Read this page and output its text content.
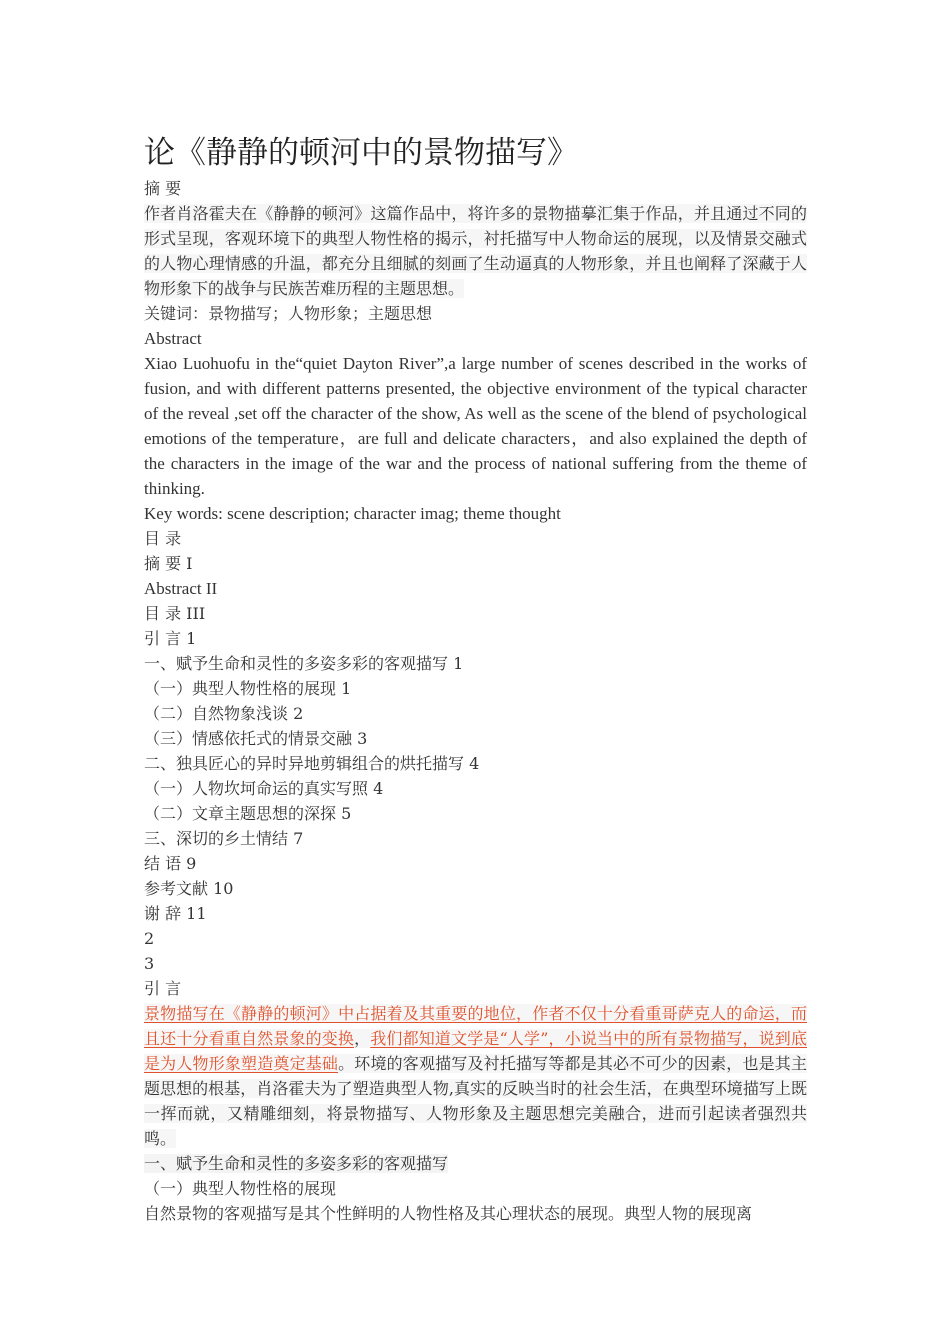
论《静静的顿河中的景物描写》

摘 要

作者肖洛霍夫在《静静的顿河》这篇作品中，将许多的景物描摹汇集于作品，并且通过不同的形式呈现，客观环境下的典型人物性格的揭示，衬托描写中人物命运的展现，以及情景交融式的人物心理情感的升温，都充分且细腻的刻画了生动逼真的人物形象，并且也阐释了深藏于人物形象下的战争与民族苦难历程的主题思想。

关键词：景物描写；人物形象；主题思想

Abstract

Xiao Luohuofu in the“quiet Dayton River”,a large number of scenes described in the works of fusion, and with different patterns presented, the objective environment of the typical character of the reveal ,set off the character of the show, As well as the scene of the blend of psychological emotions of the temperature，are full and delicate characters，and also explained the depth of the characters in the image of the war and the process of national suffering from the theme of thinking.

Key words: scene description; character imag; theme thought

目 录

摘 要 I

Abstract II

目 录 III

引 言 1

一、赋予生命和灵性的多姿多彩的客观描写 1

（一）典型人物性格的展现 1

（二）自然物象浅谈 2

（三）情感依托式的情景交融 3

二、独具匠心的异时异地剪辑组合的烘托描写 4

（一）人物坎坷命运的真实写照 4

（二）文章主题思想的深探 5

三、深切的乡土情结 7

结 语 9

参考文献 10

谢 辞 11

2

3

引 言

景物描写在《静静的顿河》中占据着及其重要的地位，作者不仅十分看重哥萨克人的命运，而且还十分看重自然景象的变换，我们都知道文学是“人学”，小说当中的所有景物描写，说到底是为人物形象塑造奠定基础。环境的客观描写及衬托描写等都是其必不可少的因素，也是其主题思想的根基，肖洛霍夫为了塑造典型人物,真实的反映当时的社会生活，在典型环境描写上既一挥而就，又精雕细刻，将景物描写、人物形象及主题思想完美融合，进而引起读者强烈共鸣。

一、赋予生命和灵性的多姿多彩的客观描写

（一）典型人物性格的展现

自然景物的客观描写是其个性鲜明的人物性格及其心理状态的展现。典型人物的展现离
